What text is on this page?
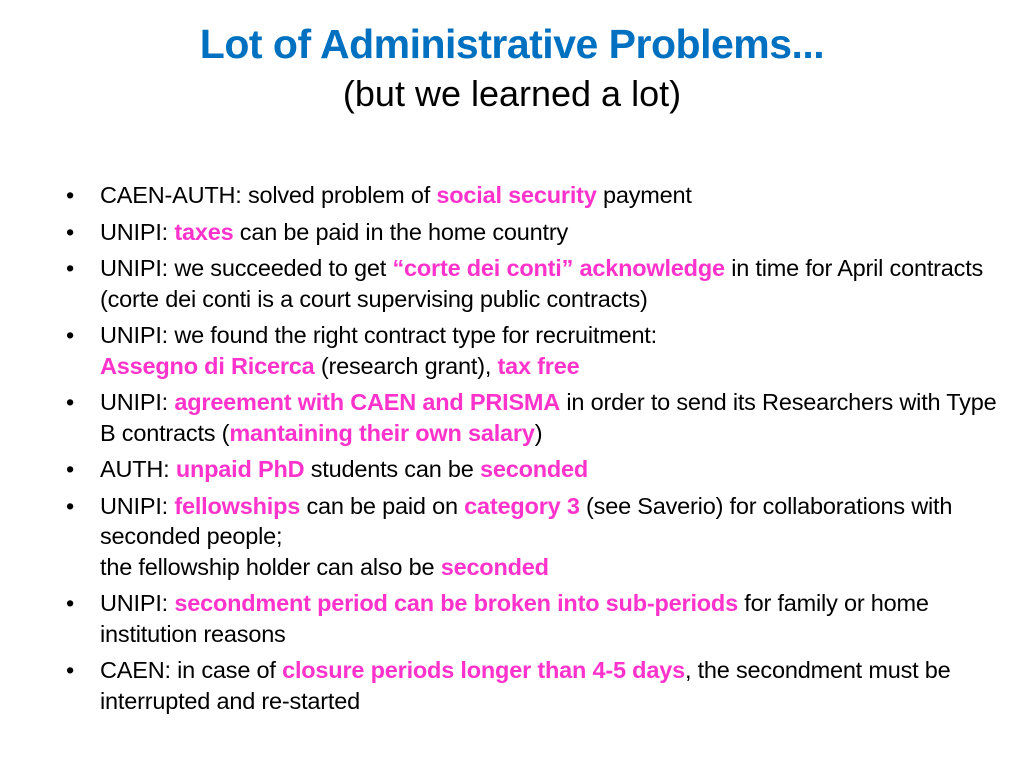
Lot of Administrative Problems...
(but we learned a lot)
• CAEN-AUTH: solved problem of social security payment
• UNIPI: taxes can be paid in the home country
• UNIPI: we succeeded to get “corte dei conti” acknowledge in time for April contracts (corte dei conti is a court supervising public contracts)
• UNIPI: we found the right contract type for recruitment:
Assegno di Ricerca (research grant), tax free
• UNIPI: agreement with CAEN and PRISMA in order to send its Researchers with Type B contracts (mantaining their own salary)
• AUTH: unpaid PhD students can be seconded
• UNIPI: fellowships can be paid on category 3 (see Saverio) for collaborations with seconded people;
the fellowship holder can also be seconded
• UNIPI: secondment period can be broken into sub-periods for family or home institution reasons
• CAEN: in case of closure periods longer than 4-5 days, the secondment must be interrupted and re-started
